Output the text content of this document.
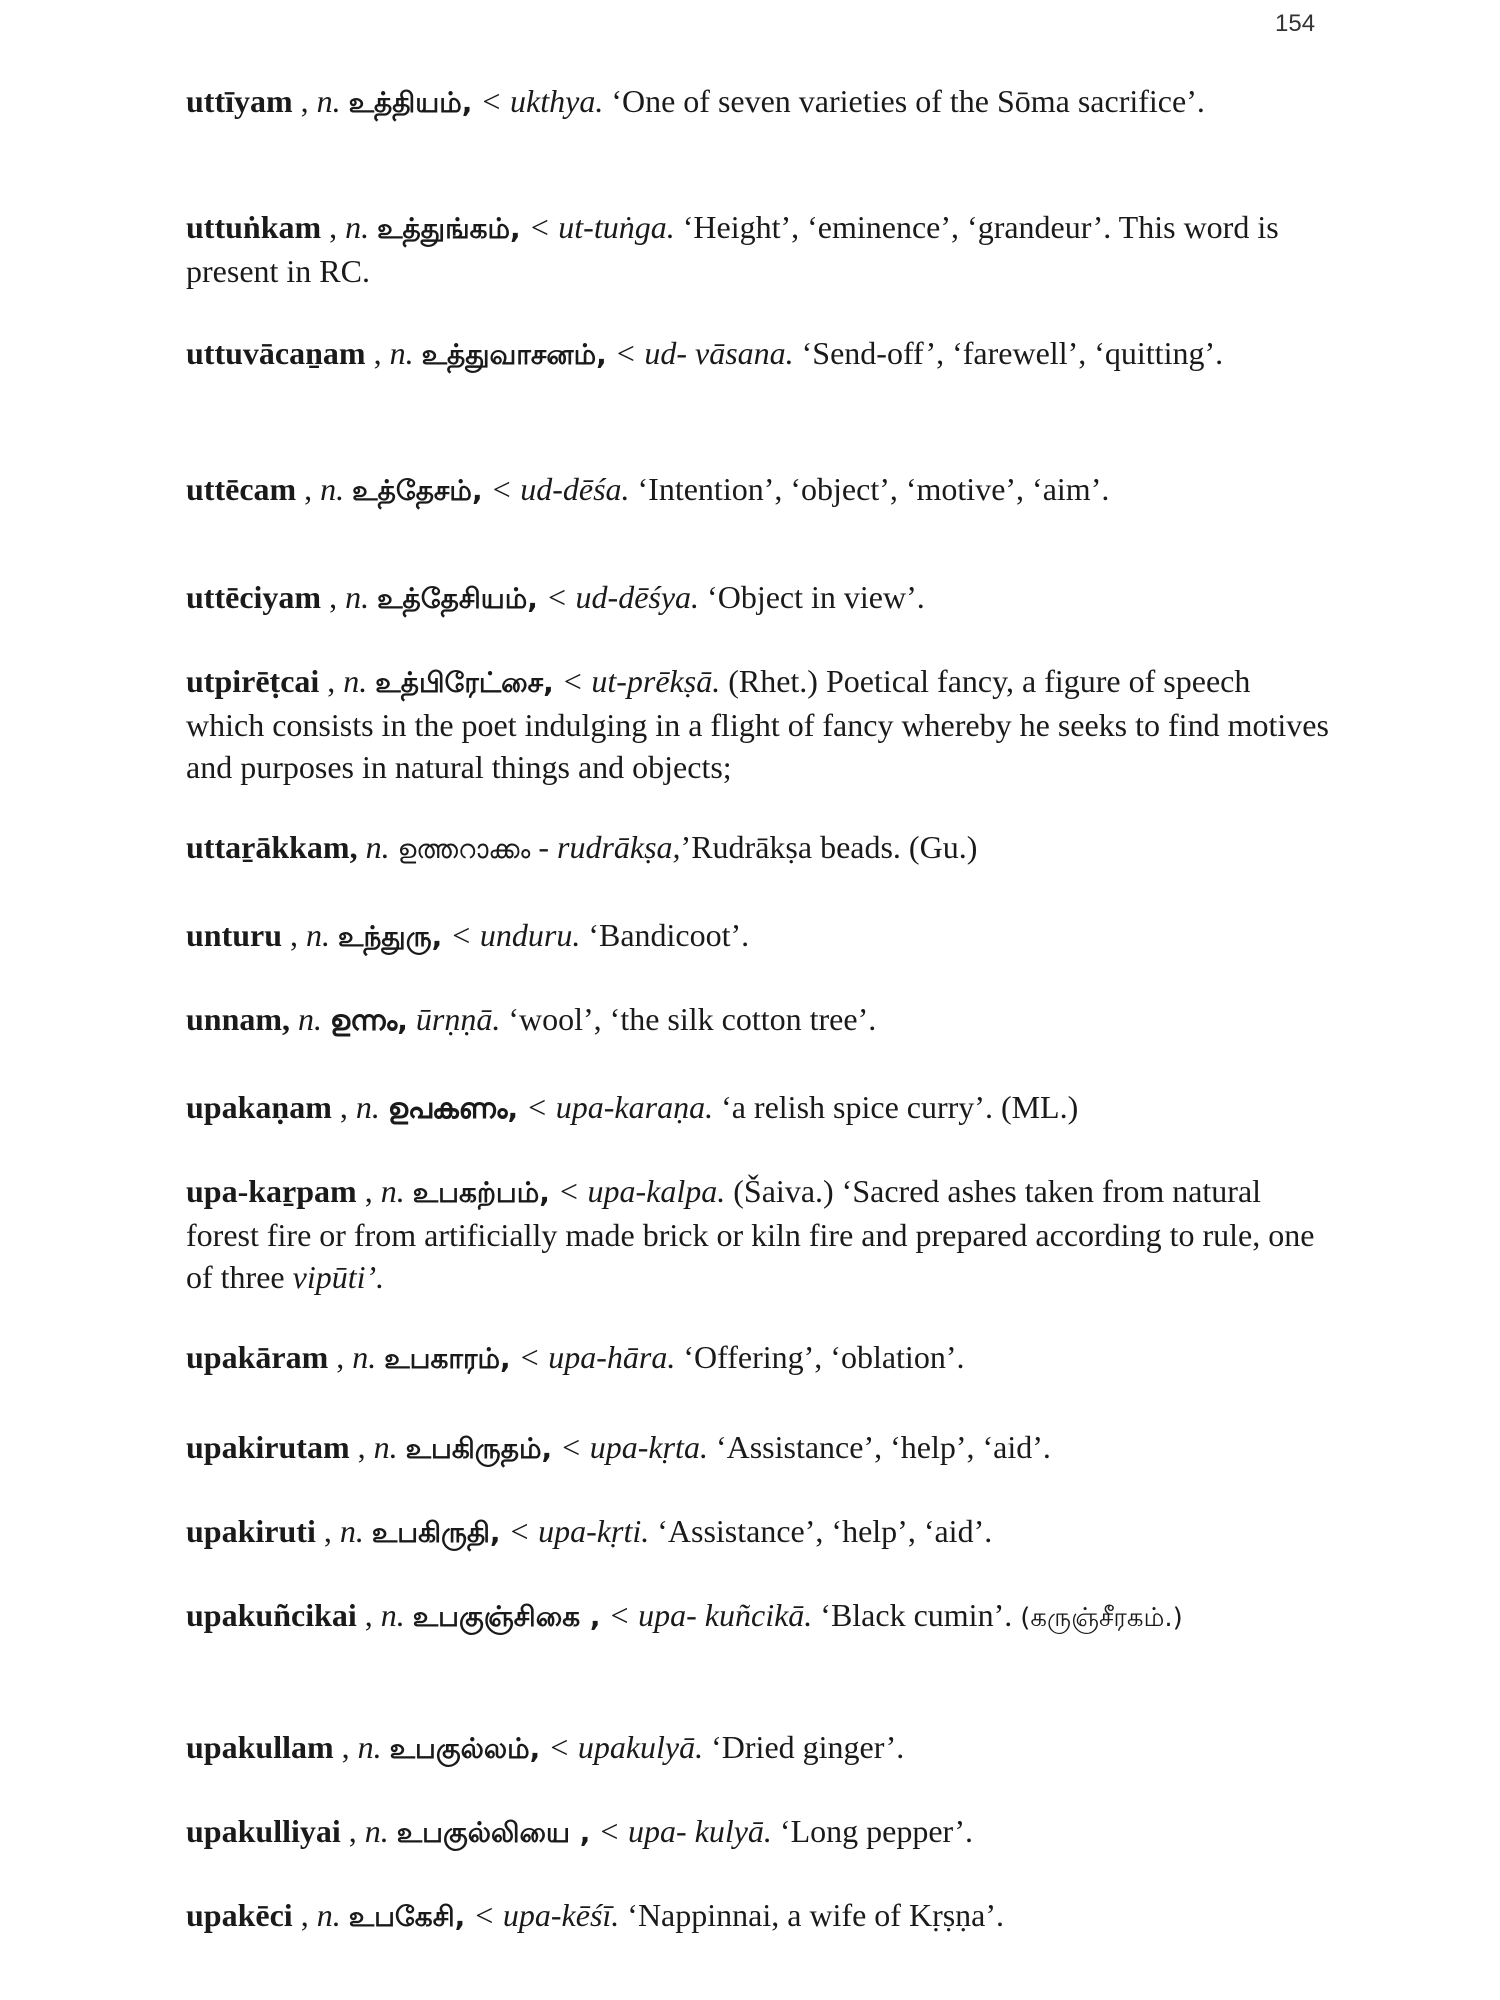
154
uttīyam , n. உத்தியம், < ukthya. ‘One of seven varieties of the Sōma sacrifice’.
uttuṅkam , n. உத்துங்கம், < ut-tuṅga. ‘Height’, ‘eminence’, ‘grandeur’. This word is present in RC.
uttuvācaṉam , n. உத்துவாசனம், < ud- vāsana. ‘Send-off’, ‘farewell’, ‘quitting’.
uttēcam , n. உத்தேசம், < ud-dēśa. ‘Intention’, ‘object’, ‘motive’, ‘aim’.
uttēciyam , n. உத்தேசியம், < ud-dēśya. ‘Object in view’.
utpirēṭcai , n. உத்பிரேட்சை, < ut-prēkṣā. (Rhet.) Poetical fancy, a figure of speech which consists in the poet indulging in a flight of fancy whereby he seeks to find motives and purposes in natural things and objects;
uttaṟākkam, n. ഉത്തറാക്കം - rudrākṣa,’Rudrākṣa beads. (Gu.)
unturu , n. உந்துரு, < unduru. ‘Bandicoot’.
unnam, n. ഉന്നം, ūrṇṇā. ‘wool’, ‘the silk cotton tree’.
upakaṇam , n. ഉപകണം, < upa-karaṇa. ‘a relish spice curry’. (ML.)
upa-kaṟpam , n. உபகற்பம், < upa-kalpa. (Šaiva.) ‘Sacred ashes taken from natural forest fire or from artificially made brick or kiln fire and prepared according to rule, one of three vipūti’.
upakāram , n. உபகாரம், < upa-hāra. ‘Offering’, ‘oblation’.
upakirutam , n. உபகிருதம், < upa-kṛta. ‘Assistance’, ‘help’, ‘aid’.
upakiruti , n. உபகிருதி, < upa-kṛti. ‘Assistance’, ‘help’, ‘aid’.
upakuñcikai , n. உபகுஞ்சிகை , < upa- kuñcikā. ‘Black cumin’. (கருஞ்சீரகம்.)
upakullam , n. உபகுல்லம், < upakulyā. ‘Dried ginger’.
upakulliyai , n. உபகுல்லியை , < upa- kulyā. ‘Long pepper’.
upakēci , n. உபகேசி, < upa-kēśī. ‘Nappinnai, a wife of Kṛṣṇa’.
